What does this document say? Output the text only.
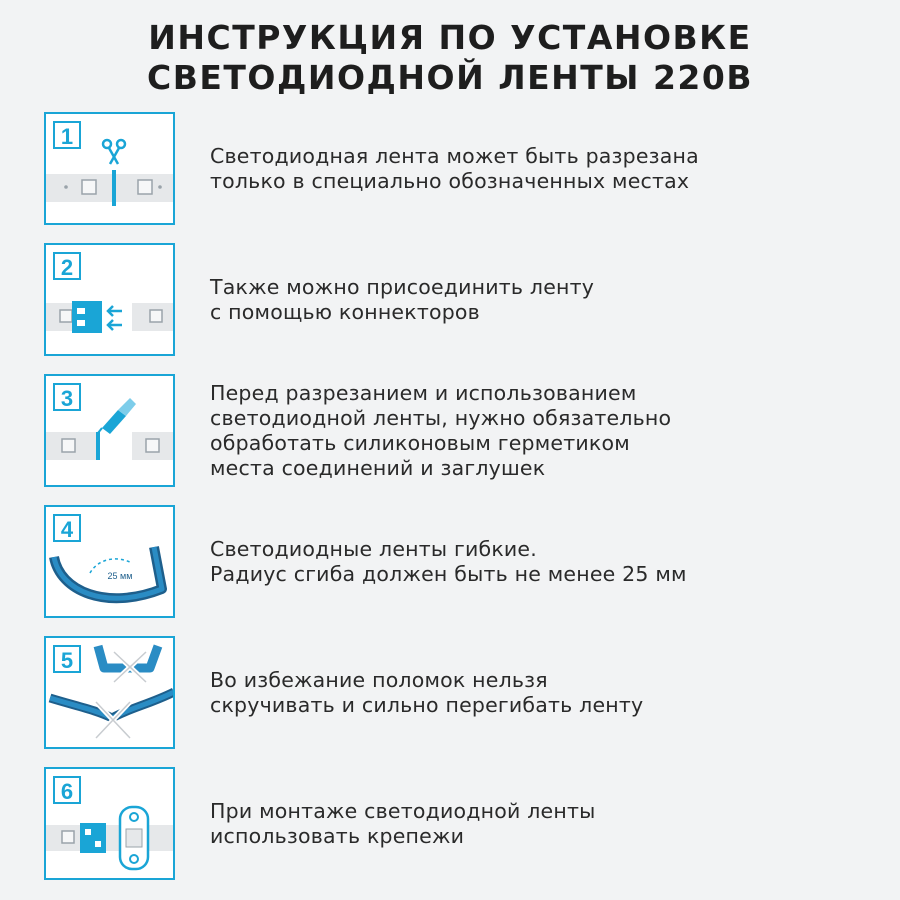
ИНСТРУКЦИЯ ПО УСТАНОВКЕ
СВЕТОДИОДНОЙ ЛЕНТЫ 220В
1
Светодиодная лента может быть разрезана
только в специально обозначенных местах
2
Также можно присоединить ленту
с помощью коннекторов
3	Перед разрезанием и использованием
светодиодной ленты, нужно обязательно
обработать силиконовым герметиком
места соединений и заглушек
4
25 мм
Светодиодные ленты гибкие.
Радиус сгиба должен быть не менее 25 мм
5
Во избежание поломок нельзя
скручивать и сильно перегибать ленту
6
При монтаже светодиодной ленты
использовать крепежи
